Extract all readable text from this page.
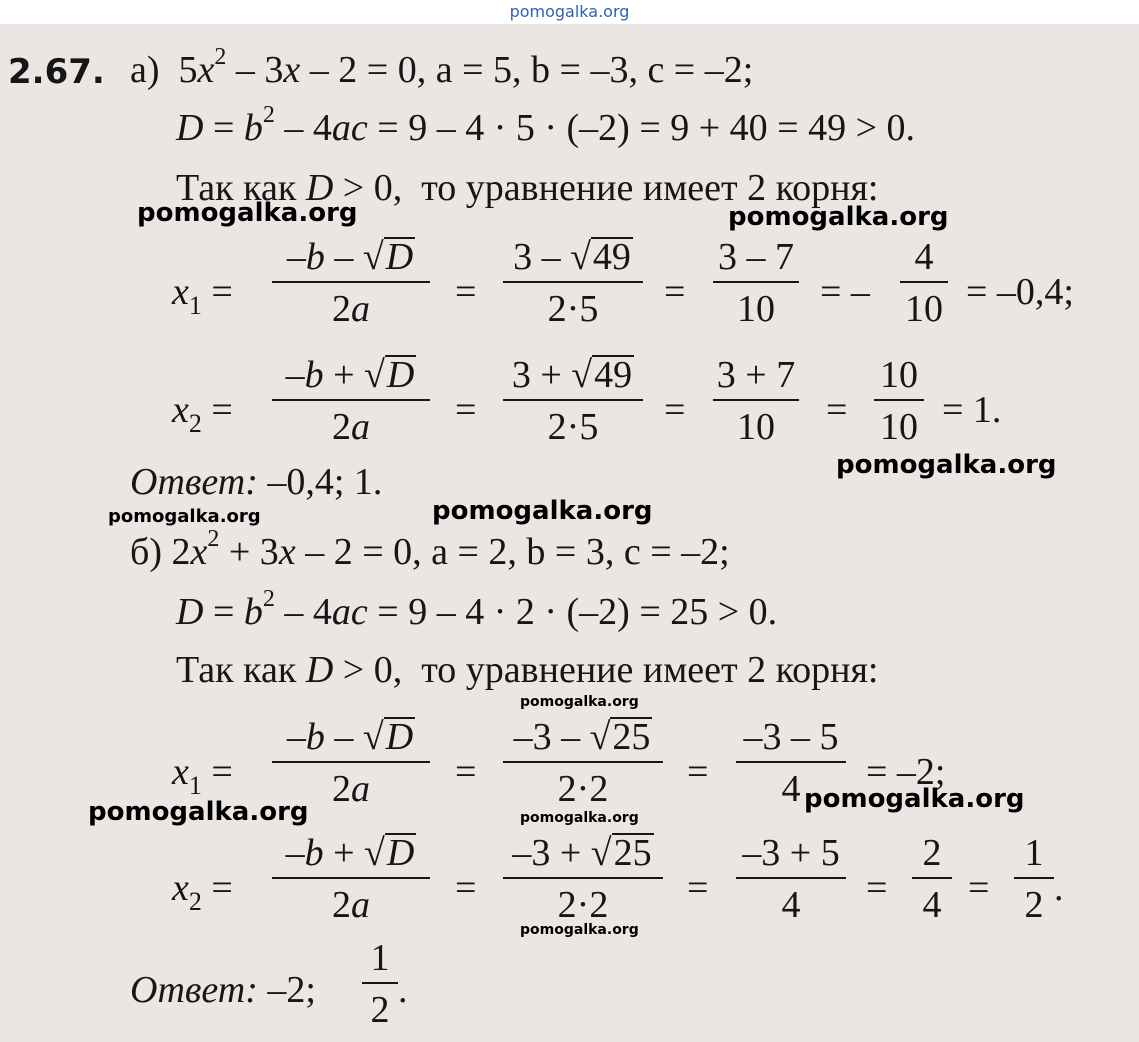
pomogalka.org
2.67. а)  $5x^2 - 3x - 2 = 0$, a = 5, b = –3, c = –2;
$D = b^2 - 4ac = 9 - 4 \cdot 5 \cdot (-2) = 9 + 40 = 49 > 0$.
Так как D > 0,  то уравнение имеет 2 корня:
$x_1$ =
–b – √D
2a	=
3 – √49
2·5	=
3 – 7
10	= –
4
10 = –0,4;
$x_2$ =
–b + √D
2a	=
3 + √49
2·5	=
3 + 7
10	=
10
10 = 1.
Ответ: –0,4; 1.
б) $2x^2 + 3x - 2 = 0$, a = 2, b = 3, c = –2;
$D = b^2 - 4ac = 9 - 4 \cdot 2 \cdot (-2) = 25 > 0$.
Так как D > 0,  то уравнение имеет 2 корня:
$x_1$ =
–b – √D
2a	=
–3 – √25
2·2	=
–3 – 5
4	= –2;
$x_2$ =
–b + √D
2a	=
–3 + √25
2·2	=
–3 + 5
4	=
2
4 =
1
2 .
Ответ: –2;
1
2 .
pomogalka.org	pomogalka.org
pomogalka.org
pomogalka.org	pomogalka.org
pomogalka.org
pomogalka.org	pomogalka.org
pomogalka.org
pomogalka.org
